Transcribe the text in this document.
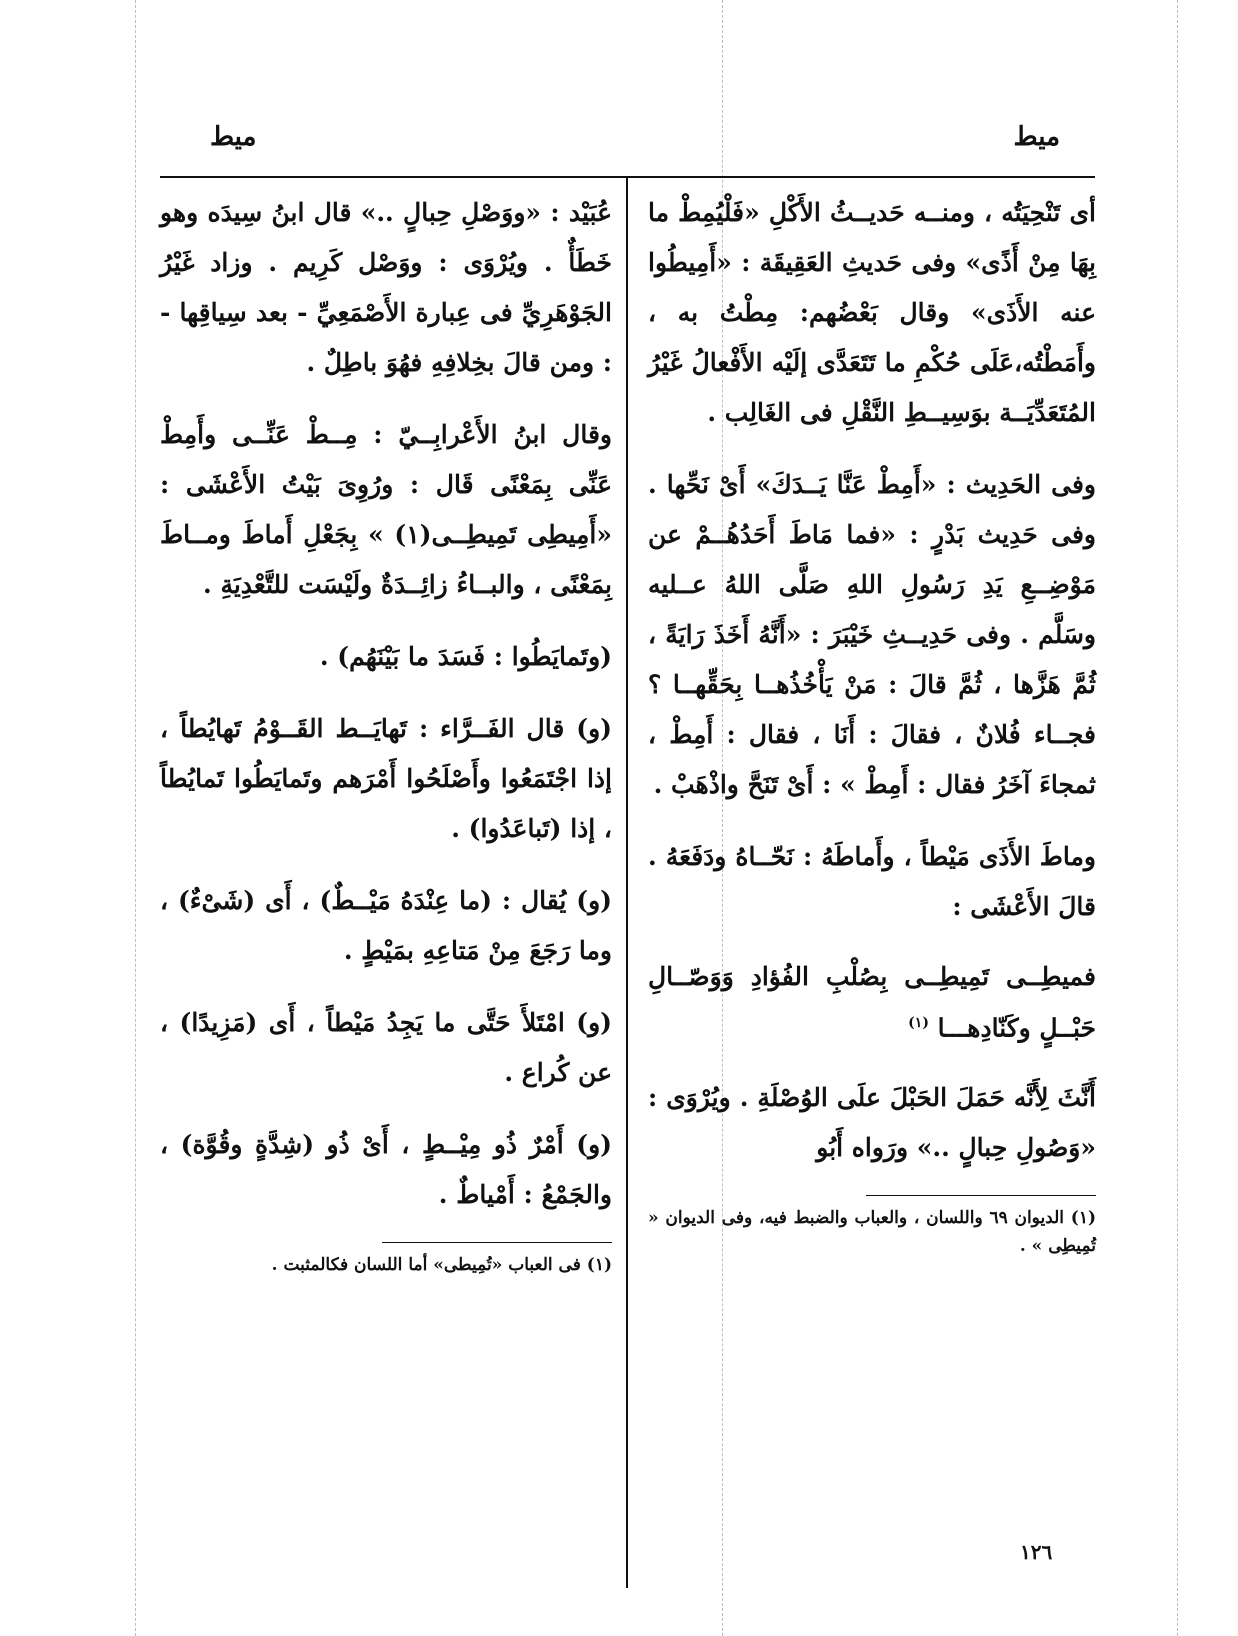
ميط	ميط

أى تَنْحِيَتُه ، ومنــه حَديــثُ الأَكْلِ «فَلْيُمِطْ ما بِهَا مِنْ أَذًى» وفى حَديثِ العَقِيقَة : «أَمِيطُوا عنه الأَذَى» وقال بَعْضُهم: مِطْتُ به ، وأَمَطْتُه،عَلَى حُكْمِ ما تَتَعَدَّى إلَيْه الأَفْعالُ غَيْرُ المُتَعَدِّيَــة بوَسِيــطِ النَّقْلِ فى الغَالِب .

وفى الحَدِيث : «أَمِطْ عَنَّا يَــدَكَ» أَىْ نَحِّها . وفى حَدِيث بَدْرٍ : «فما مَاطَ أَحَدُهُــمْ عن مَوْضِــعِ يَدِ رَسُولِ اللهِ صَلَّى اللهُ عــليه وسَلَّم . وفى حَدِيــثِ خَيْبَرَ : «أَنَّهُ أَخَذَ رَايَةً ، ثُمَّ هَزَّها ، ثُمَّ قالَ : مَنْ يَأْخُذُهــا بِحَقِّهــا ؟ فجــاء فُلانٌ ، فقالَ : أَنَا ، فقال : أَمِطْ ، ثمجاءَ آخَرُ فقال : أَمِطْ » : أَىْ تَنَحَّ واذْهَبْ .

وماطَ الأَذَى مَيْطاً ، وأَماطَهُ : نَحّــاهُ ودَفَعَهُ . قالَ الأَعْشَى :

فميطِــى تَمِيطِــى بِصُلْبِ الفُؤادِ وَوَصّــالِ حَبْــلٍ وكَنّادِهـــا $^{(١)}$

أَنَّثَ لِأَنَّه حَمَلَ الحَبْلَ علَى الوُصْلَةِ . ويُرْوَى : «وَصُولِ حِبالٍ ..» ورَواه أَبُو

(١) الديوان ٦٩ واللسان ، والعباب والضبط فيه، وفى الديوان « تُمِيطِى » .

عُبَيْد : «ووَصْلِ حِبالٍ ..» قال ابنُ سِيدَه وهو خَطَأٌ . ويُرْوَى : ووَصْل كَرِيم . وزاد غَيْرُ الجَوْهَرِيِّ فى عِبارة الأَصْمَعِيِّ - بعد سِياقِها - : ومن قالَ بخِلافِهِ فهُوَ باطِلٌ .

وقال ابنُ الأَعْرابِــيّ : مِــطْ عَنِّــى وأَمِطْ عَنِّى بِمَعْنًى قَال : ورُوِىَ بَيْتُ الأَعْشَى : «أَمِيطِى تَمِيطِــى(١) » بِجَعْلِ أَماطَ ومــاطَ بِمَعْنًى ، والبــاءُ زائِــدَةٌ ولَيْسَت للتَّعْدِيَةِ .

(وتَمايَطُوا : فَسَدَ ما بَيْنَهُم) .

(و) قال الفَــرَّاء : تَهايَــط القَــوْمُ تَهايُطاً ، إذا اجْتَمَعُوا وأَصْلَحُوا أَمْرَهم وتَمايَطُوا تَمايُطاً ، إذا (تَباعَدُوا) .

(و) يُقال : (ما عِنْدَهُ مَيْــطٌ) ، أَى (شَىْءٌ) ، وما رَجَعَ مِنْ مَتاعِهِ بمَيْطٍ .

(و) امْتَلأَ حَتَّى ما يَجِدُ مَيْطاً ، أَى (مَزِيدًا) ، عن كُراع .

(و) أَمْرٌ ذُو مِيْــطٍ ، أَىْ ذُو (شِدَّةٍ وقُوَّة) ، والجَمْعُ : أَمْياطٌ .

(١) فى العباب «تُمِيطى» أما اللسان فكالمثبت .
١٢٦
